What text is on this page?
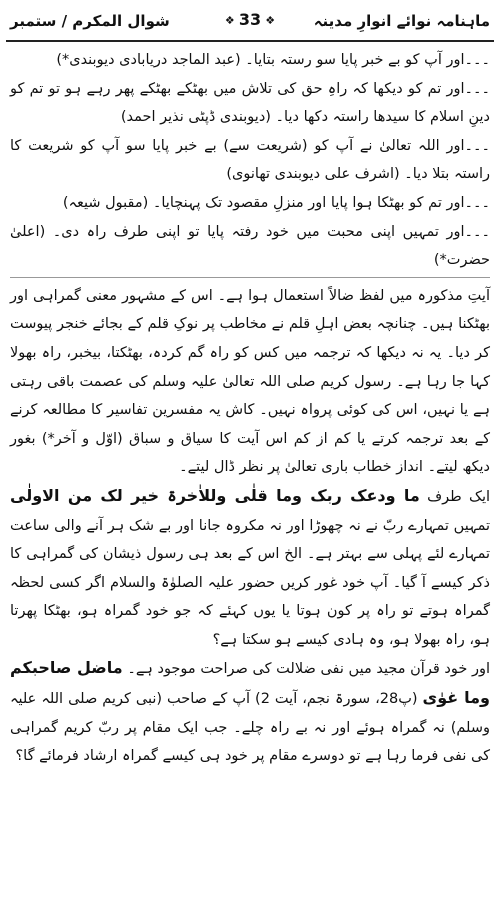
ماہنامہ نوائے انوارِ مدینہ
❖ 33 ❖
شوال المکرم / ستمبر

۔۔۔اور آپ کو بے خبر پایا سو رستہ بتایا۔ (عبد الماجد دریابادی دیوبندی*)

۔۔۔اور تم کو دیکھا کہ راہِ حق کی تلاش میں بھٹکے بھٹکے پھر رہے ہو تو تم کو دینِ اسلام کا سیدھا راستہ دکھا دیا۔ (دیوبندی ڈپٹی نذیر احمد)

۔۔۔اور اللہ تعالیٰ نے آپ کو (شریعت سے) بے خبر پایا سو آپ کو شریعت کا راستہ بتلا دیا۔ (اشرف علی دیوبندی تھانوی)

۔۔۔اور تم کو بھٹکا ہوا پایا اور منزلِ مقصود تک پہنچایا۔ (مقبول شیعہ)

۔۔۔اور تمہیں اپنی محبت میں خود رفتہ پایا تو اپنی طرف راہ دی۔ (اعلیٰ حضرت*)

آیتِ مذکورہ میں لفظ ضالاً استعمال ہوا ہے۔ اس کے مشہور معنی گمراہی اور بھٹکنا ہیں۔ چنانچہ بعض اہلِ قلم نے مخاطب پر نوکِ قلم کے بجائے خنجر پیوست کر دیا۔ یہ نہ دیکھا کہ ترجمہ میں کس کو راہ گم کردہ، بھٹکتا، بیخبر، راہ بھولا کہا جا رہا ہے۔ رسول کریم صلی اللہ تعالیٰ علیہ وسلم کی عصمت باقی رہتی ہے یا نہیں، اس کی کوئی پرواہ نہیں۔ کاش یہ مفسرین تفاسیر کا مطالعہ کرنے کے بعد ترجمہ کرتے یا کم از کم اس آیت کا سیاق و سباق (اوّل و آخر*) بغور دیکھ لیتے۔ انداز خطاب باری تعالیٰ پر نظر ڈال لیتے۔

ایک طرف ما ودعک ربک وما قلٰی وللاٰخرۃ خیر لک من الاولٰی تمہیں تمہارے ربّ نے نہ چھوڑا اور نہ مکروہ جانا اور بے شک ہر آنے والی ساعت تمہارے لئے پہلی سے بہتر ہے۔ الخ اس کے بعد ہی رسول ذیشان کی گمراہی کا ذکر کیسے آ گیا۔ آپ خود غور کریں حضور علیہ الصلوٰۃ والسلام اگر کسی لحظہ گمراہ ہوتے تو راہ پر کون ہوتا یا یوں کہئے کہ جو خود گمراہ ہو، بھٹکا پھرتا ہو، راہ بھولا ہو، وہ ہادی کیسے ہو سکتا ہے؟

اور خود قرآن مجید میں نفی ضلالت کی صراحت موجود ہے۔ ماضل صاحبکم وما غوٰی (پ28، سورۃ نجم، آیت 2) آپ کے صاحب (نبی کریم صلی اللہ علیہ وسلم) نہ گمراہ ہوئے اور نہ بے راہ چلے۔ جب ایک مقام پر ربّ کریم گمراہی کی نفی فرما رہا ہے تو دوسرے مقام پر خود ہی کیسے گمراہ ارشاد فرمائے گا؟
